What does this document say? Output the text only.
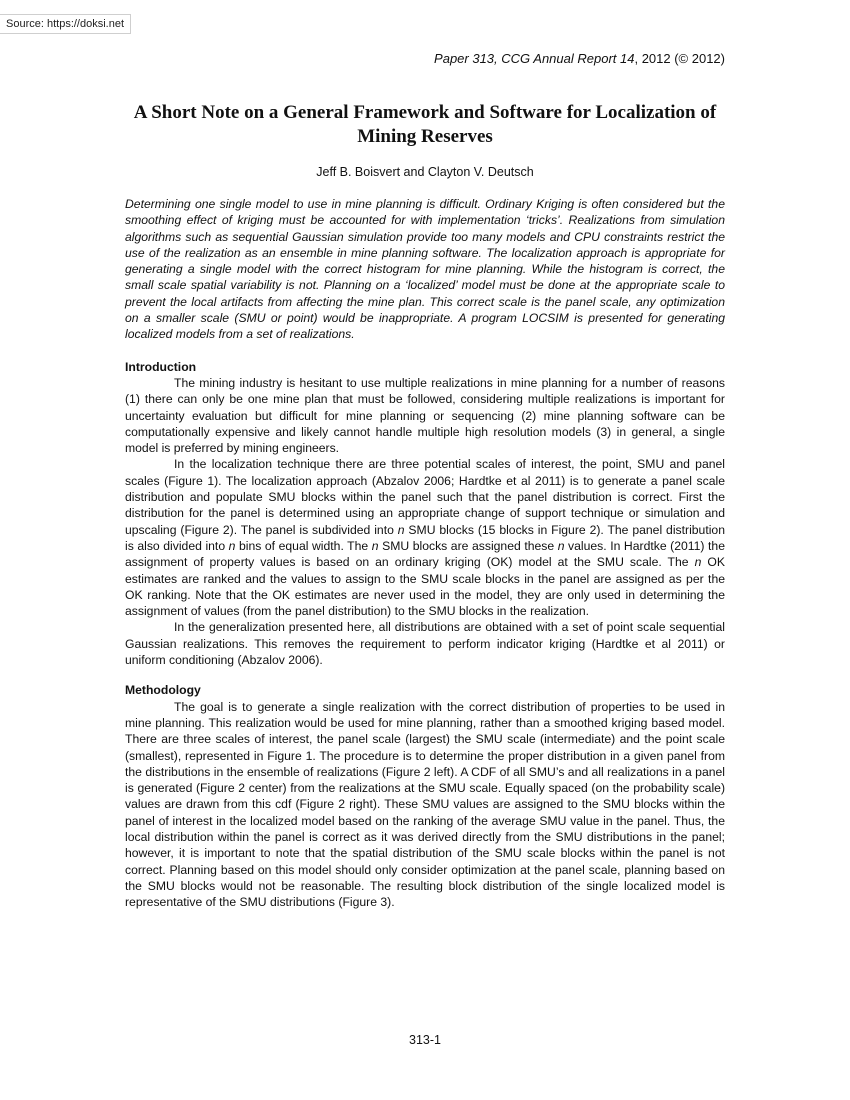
Source: https://doksi.net
Paper 313, CCG Annual Report 14, 2012 (© 2012)
A Short Note on a General Framework and Software for Localization of Mining Reserves
Jeff B. Boisvert and Clayton V. Deutsch

Determining one single model to use in mine planning is difficult. Ordinary Kriging is often considered but the smoothing effect of kriging must be accounted for with implementation ‘tricks’. Realizations from simulation algorithms such as sequential Gaussian simulation provide too many models and CPU constraints restrict the use of the realization as an ensemble in mine planning software. The localization approach is appropriate for generating a single model with the correct histogram for mine planning. While the histogram is correct, the small scale spatial variability is not. Planning on a ‘localized’ model must be done at the appropriate scale to prevent the local artifacts from affecting the mine plan. This correct scale is the panel scale, any optimization on a smaller scale (SMU or point) would be inappropriate. A program LOCSIM is presented for generating localized models from a set of realizations.

Introduction

The mining industry is hesitant to use multiple realizations in mine planning for a number of reasons (1) there can only be one mine plan that must be followed, considering multiple realizations is important for uncertainty evaluation but difficult for mine planning or sequencing (2) mine planning software can be computationally expensive and likely cannot handle multiple high resolution models (3) in general, a single model is preferred by mining engineers.

In the localization technique there are three potential scales of interest, the point, SMU and panel scales (Figure 1). The localization approach (Abzalov 2006; Hardtke et al 2011) is to generate a panel scale distribution and populate SMU blocks within the panel such that the panel distribution is correct. First the distribution for the panel is determined using an appropriate change of support technique or simulation and upscaling (Figure 2). The panel is subdivided into n SMU blocks (15 blocks in Figure 2). The panel distribution is also divided into n bins of equal width. The n SMU blocks are assigned these n values. In Hardtke (2011) the assignment of property values is based on an ordinary kriging (OK) model at the SMU scale. The n OK estimates are ranked and the values to assign to the SMU scale blocks in the panel are assigned as per the OK ranking. Note that the OK estimates are never used in the model, they are only used in determining the assignment of values (from the panel distribution) to the SMU blocks in the realization.

In the generalization presented here, all distributions are obtained with a set of point scale sequential Gaussian realizations. This removes the requirement to perform indicator kriging (Hardtke et al 2011) or uniform conditioning (Abzalov 2006).

Methodology

The goal is to generate a single realization with the correct distribution of properties to be used in mine planning. This realization would be used for mine planning, rather than a smoothed kriging based model. There are three scales of interest, the panel scale (largest) the SMU scale (intermediate) and the point scale (smallest), represented in Figure 1. The procedure is to determine the proper distribution in a given panel from the distributions in the ensemble of realizations (Figure 2 left). A CDF of all SMU’s and all realizations in a panel is generated (Figure 2 center) from the realizations at the SMU scale. Equally spaced (on the probability scale) values are drawn from this cdf (Figure 2 right). These SMU values are assigned to the SMU blocks within the panel of interest in the localized model based on the ranking of the average SMU value in the panel. Thus, the local distribution within the panel is correct as it was derived directly from the SMU distributions in the panel; however, it is important to note that the spatial distribution of the SMU scale blocks within the panel is not correct. Planning based on this model should only consider optimization at the panel scale, planning based on the SMU blocks would not be reasonable. The resulting block distribution of the single localized model is representative of the SMU distributions (Figure 3).

313-1
